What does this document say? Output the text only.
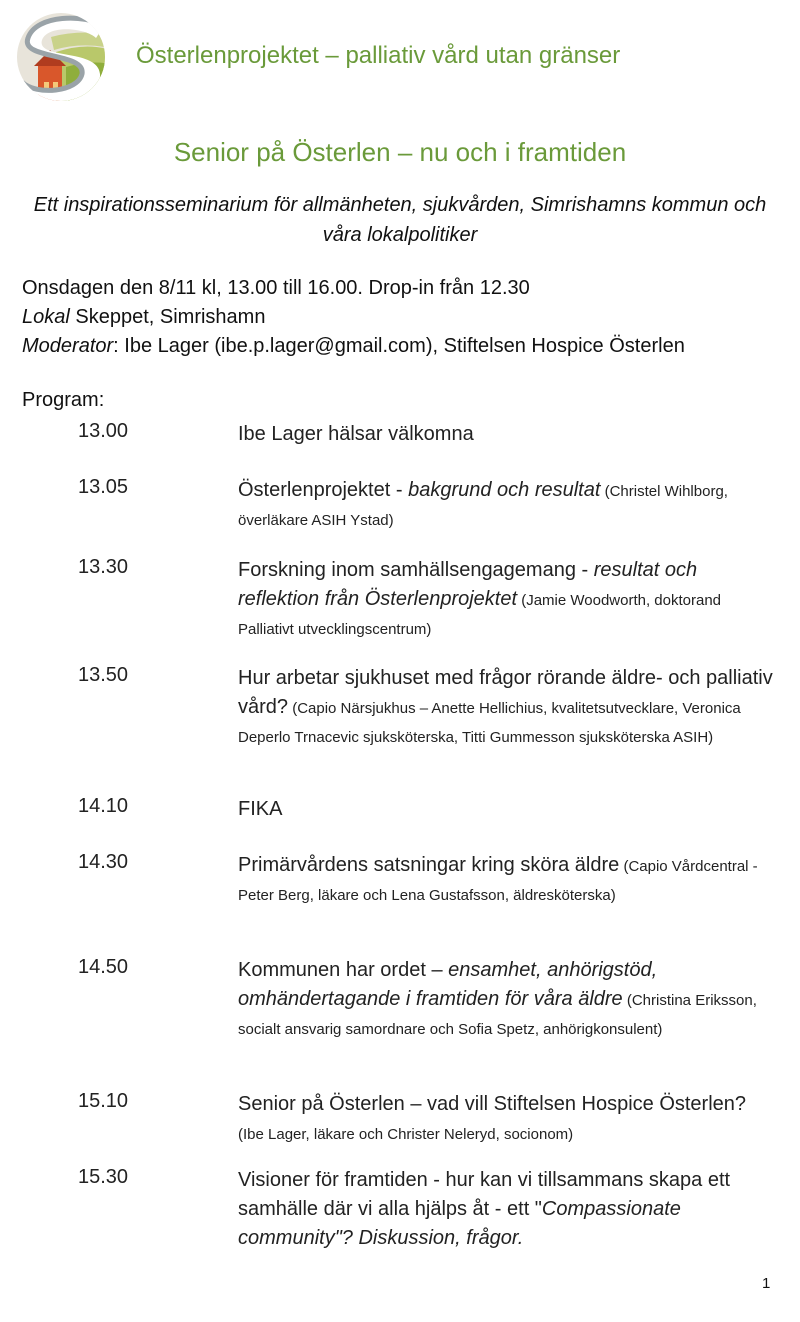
Österlenprojektet – palliativ vård utan gränser
Senior på Österlen – nu och i framtiden
Ett inspirationsseminarium för allmänheten, sjukvården, Simrishamns kommun och våra lokalpolitiker
Onsdagen den 8/11 kl, 13.00 till 16.00. Drop-in från 12.30
Lokal Skeppet, Simrishamn
Moderator: Ibe Lager (ibe.p.lager@gmail.com), Stiftelsen Hospice Österlen
Program:
13.00	Ibe Lager hälsar välkomna
13.05	Österlenprojektet - bakgrund och resultat (Christel Wihlborg, överläkare ASIH Ystad)
13.30	Forskning inom samhällsengagemang - resultat och reflektion från Österlenprojektet (Jamie Woodworth, doktorand Palliativt utvecklingscentrum)
13.50	Hur arbetar sjukhuset med frågor rörande äldre- och palliativ vård? (Capio Närsjukhus – Anette Hellichius, kvalitetsutvecklare, Veronica Deperlo Trnacevic sjuksköterska, Titti Gummesson sjuksköterska ASIH)
14.10	FIKA
14.30	Primärvårdens satsningar kring sköra äldre (Capio Vårdcentral - Peter Berg, läkare och Lena Gustafsson, äldresköterska)
14.50	Kommunen har ordet – ensamhet, anhörigstöd, omhändertagande i framtiden för våra äldre (Christina Eriksson, socialt ansvarig samordnare och Sofia Spetz, anhörigkonsulent)
15.10	Senior på Österlen – vad vill Stiftelsen Hospice Österlen?
(Ibe Lager, läkare och Christer Neleryd, socionom)
15.30	Visioner för framtiden - hur kan vi tillsammans skapa ett samhälle där vi alla hjälps åt - ett "Compassionate community"? Diskussion, frågor.
1
